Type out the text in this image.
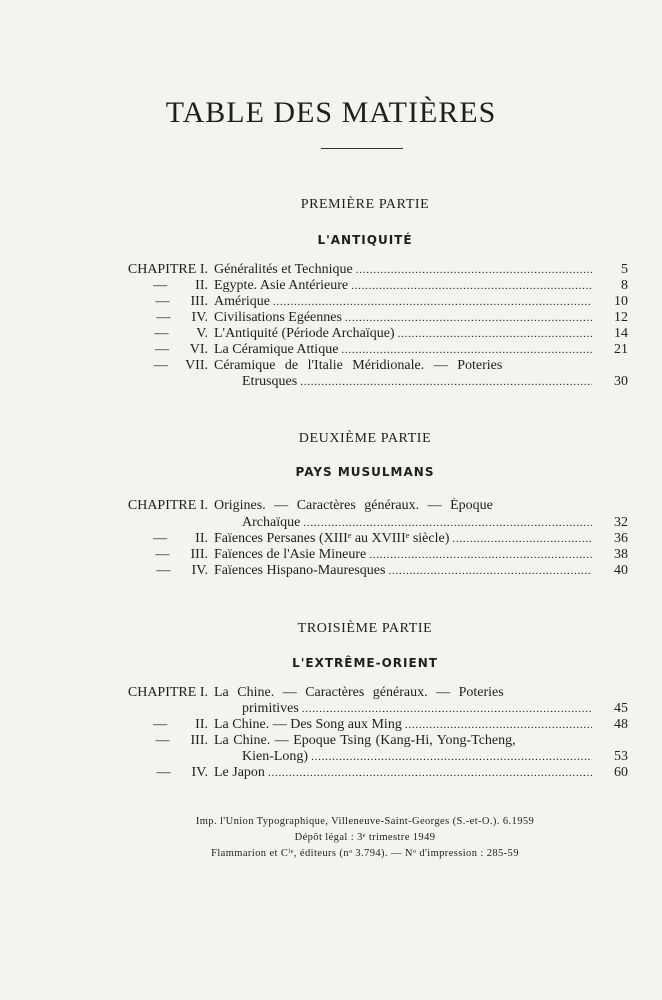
TABLE DES MATIÈRES
PREMIÈRE PARTIE
L'ANTIQUITÉ
CHAPITRE I. Généralités et Technique . . .	5
— II. Egypte. Asie Antérieure . . .	8
— III. Amérique . . .	10
— IV. Civilisations Egéennes . . .	12
— V. L'Antiquité (Période Archaïque) . . .	14
— VI. La Céramique Attique . . .	21
— VII. Céramique de l'Italie Méridionale. — Poteries
Etrusques . . .	30
DEUXIÈME PARTIE
PAYS MUSULMANS
CHAPITRE I. Origines. — Caractères généraux. — Époque
Archaïque . . .	32
— II. Faïences Persanes (XIIIᵉ au XVIIIᵉ siècle) . . .	36
— III. Faïences de l'Asie Mineure . . .	38
— IV. Faïences Hispano-Mauresques . . .	40
TROISIÈME PARTIE
L'EXTRÊME-ORIENT
CHAPITRE I. La Chine. — Caractères généraux. — Poteries
primitives . . .	45
— II. La Chine. — Des Song aux Ming . . .	48
— III. La Chine. — Epoque Tsing (Kang-Hi, Yong-Tcheng,
Kien-Long) . . .	53
— IV. Le Japon . . .	60
Imp. l'Union Typographique, Villeneuve-Saint-Georges (S.-et-O.). 6.1959
Dépôt légal : 3ᵉ trimestre 1949
Flammarion et Cⁱᵉ, éditeurs (nᵒ 3.794). — Nᵒ d'impression : 285-59
